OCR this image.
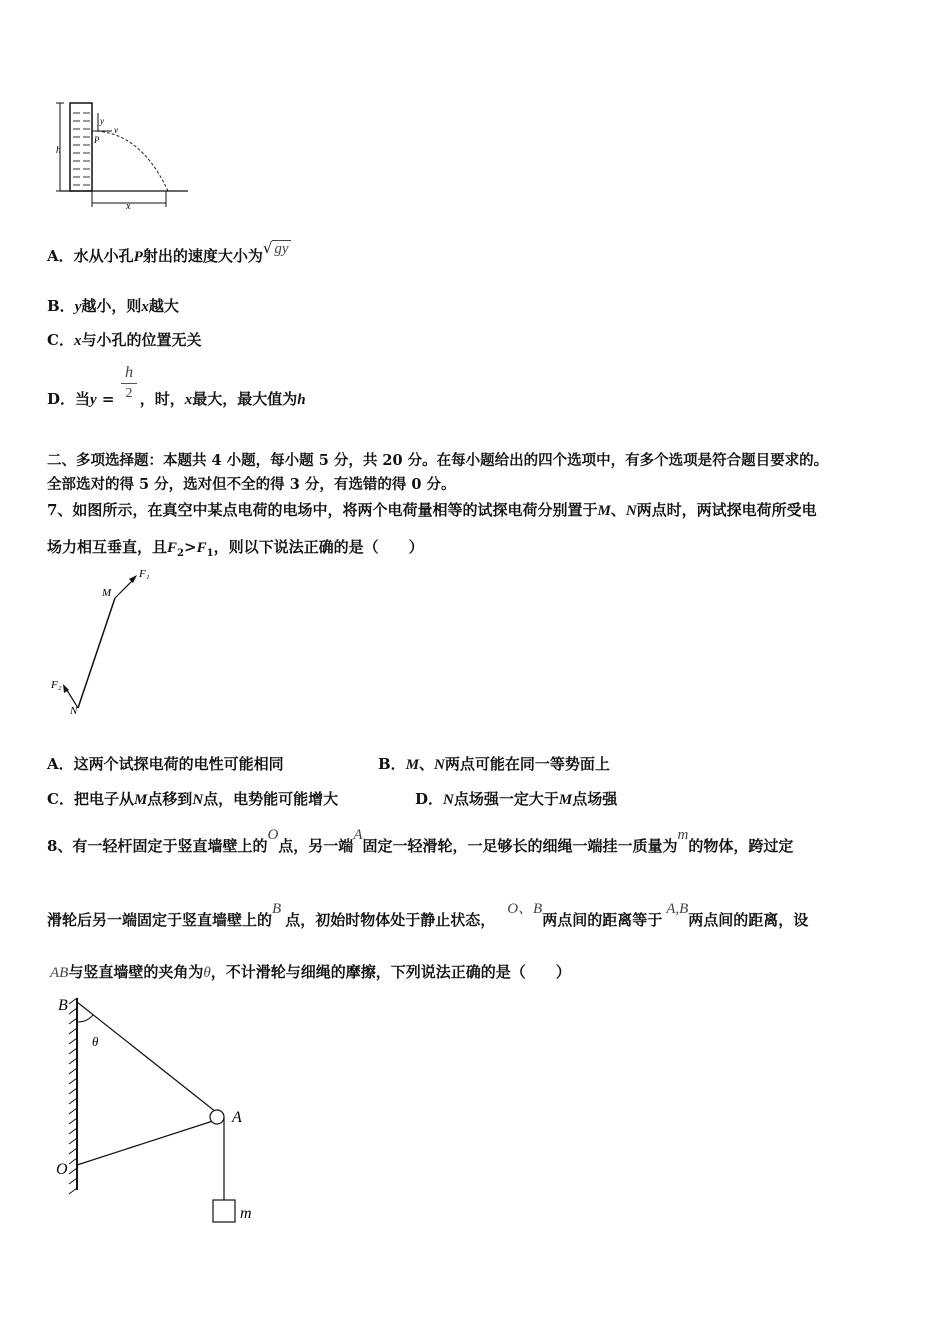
h
y
v
P
x
A．水从小孔P射出的速度大小为√ gy
B．y越小，则x越大
C．x与小孔的位置无关
D．当y = ，时，x最大，最大值为h
h
2
二、多项选择题：本题共 4 小题，每小题 5 分，共 20 分。在每小题给出的四个选项中，有多个选项是符合题目要求的。
全部选对的得 5 分，选对但不全的得 3 分，有选错的得 0 分。
7、如图所示，在真空中某点电荷的电场中，将两个电荷量相等的试探电荷分别置于M、N两点时，两试探电荷所受电
场力相互垂直，且$F_2>F_1$，则以下说法正确的是（　　）
F₁
M
F₂
N
A．这两个试探电荷的电性可能相同	B．M、N两点可能在同一等势面上
C．把电子从M点移到N点，电势能可能增大	D．N点场强一定大于M点场强
8、有一轻杆固定于竖直墙壁上的O点，另一端A固定一轻滑轮，一足够长的细绳一端挂一质量为m的物体，跨过定
滑轮后另一端固定于竖直墙壁上的B点，初始时物体处于静止状态，O、B两点间的距离等于A,B两点间的距离，设
AB与竖直墙壁的夹角为θ，不计滑轮与细绳的摩擦，下列说法正确的是（　　）
θ
B
A
O
m
